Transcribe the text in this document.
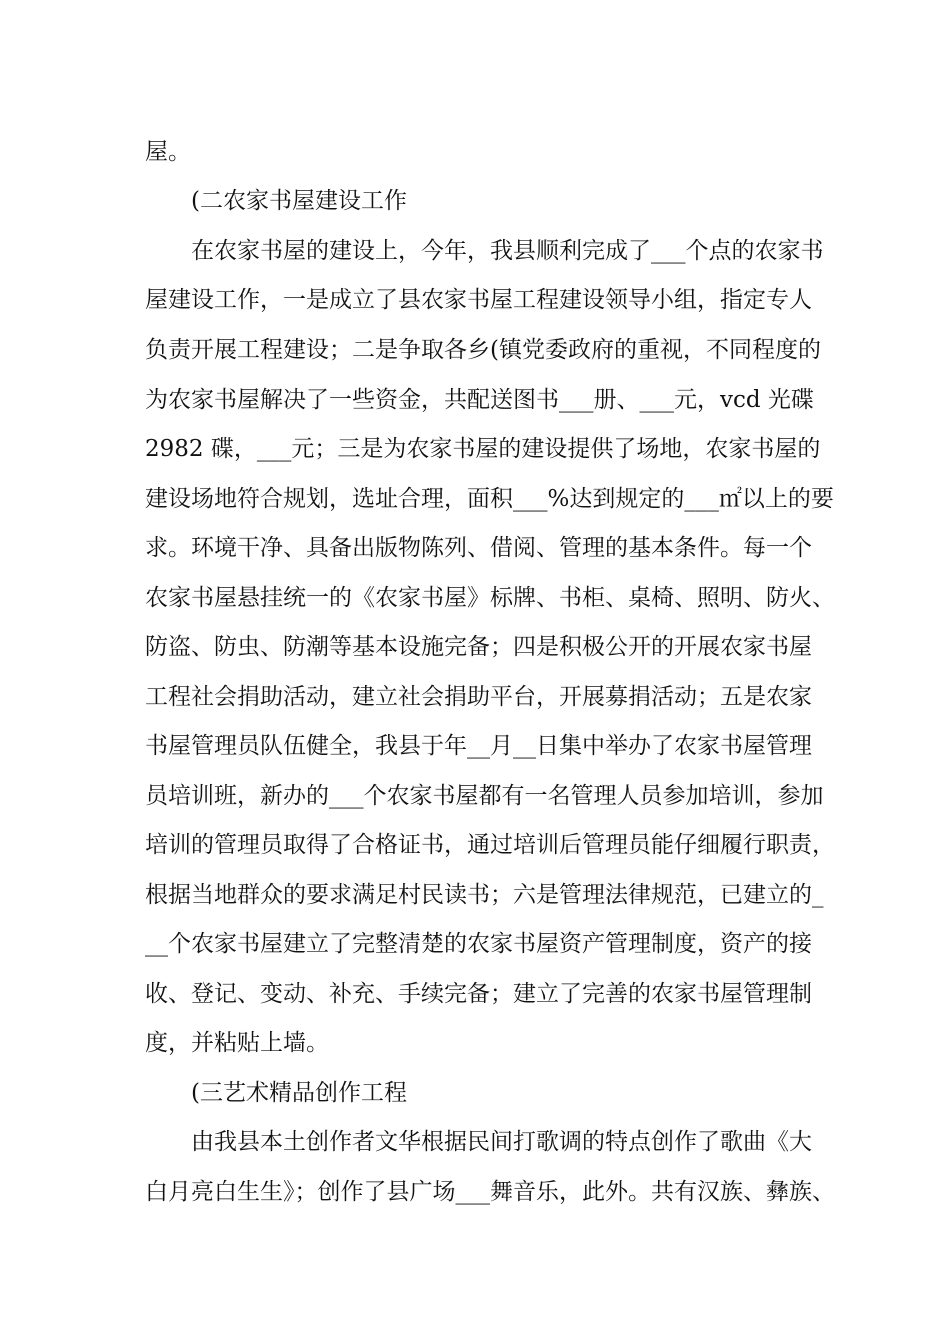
屋。
(二农家书屋建设工作
在农家书屋的建设上，今年，我县顺利完成了___个点的农家书
屋建设工作，一是成立了县农家书屋工程建设领导小组，指定专人
负责开展工程建设；二是争取各乡(镇党委政府的重视，不同程度的
为农家书屋解决了一些资金，共配送图书___册、___元，vcd 光碟
2982 碟，___元；三是为农家书屋的建设提供了场地，农家书屋的
建设场地符合规划，选址合理，面积___%达到规定的___㎡以上的要
求。环境干净、具备出版物陈列、借阅、管理的基本条件。每一个
农家书屋悬挂统一的《农家书屋》标牌、书柜、桌椅、照明、防火、
防盗、防虫、防潮等基本设施完备；四是积极公开的开展农家书屋
工程社会捐助活动，建立社会捐助平台，开展募捐活动；五是农家
书屋管理员队伍健全，我县于年__月__日集中举办了农家书屋管理
员培训班，新办的___个农家书屋都有一名管理人员参加培训，参加
培训的管理员取得了合格证书，通过培训后管理员能仔细履行职责，
根据当地群众的要求满足村民读书；六是管理法律规范，已建立的_
__个农家书屋建立了完整清楚的农家书屋资产管理制度，资产的接
收、登记、变动、补充、手续完备；建立了完善的农家书屋管理制
度，并粘贴上墙。
(三艺术精品创作工程
由我县本土创作者文华根据民间打歌调的特点创作了歌曲《大
白月亮白生生》；创作了县广场___舞音乐，此外。共有汉族、彝族、
